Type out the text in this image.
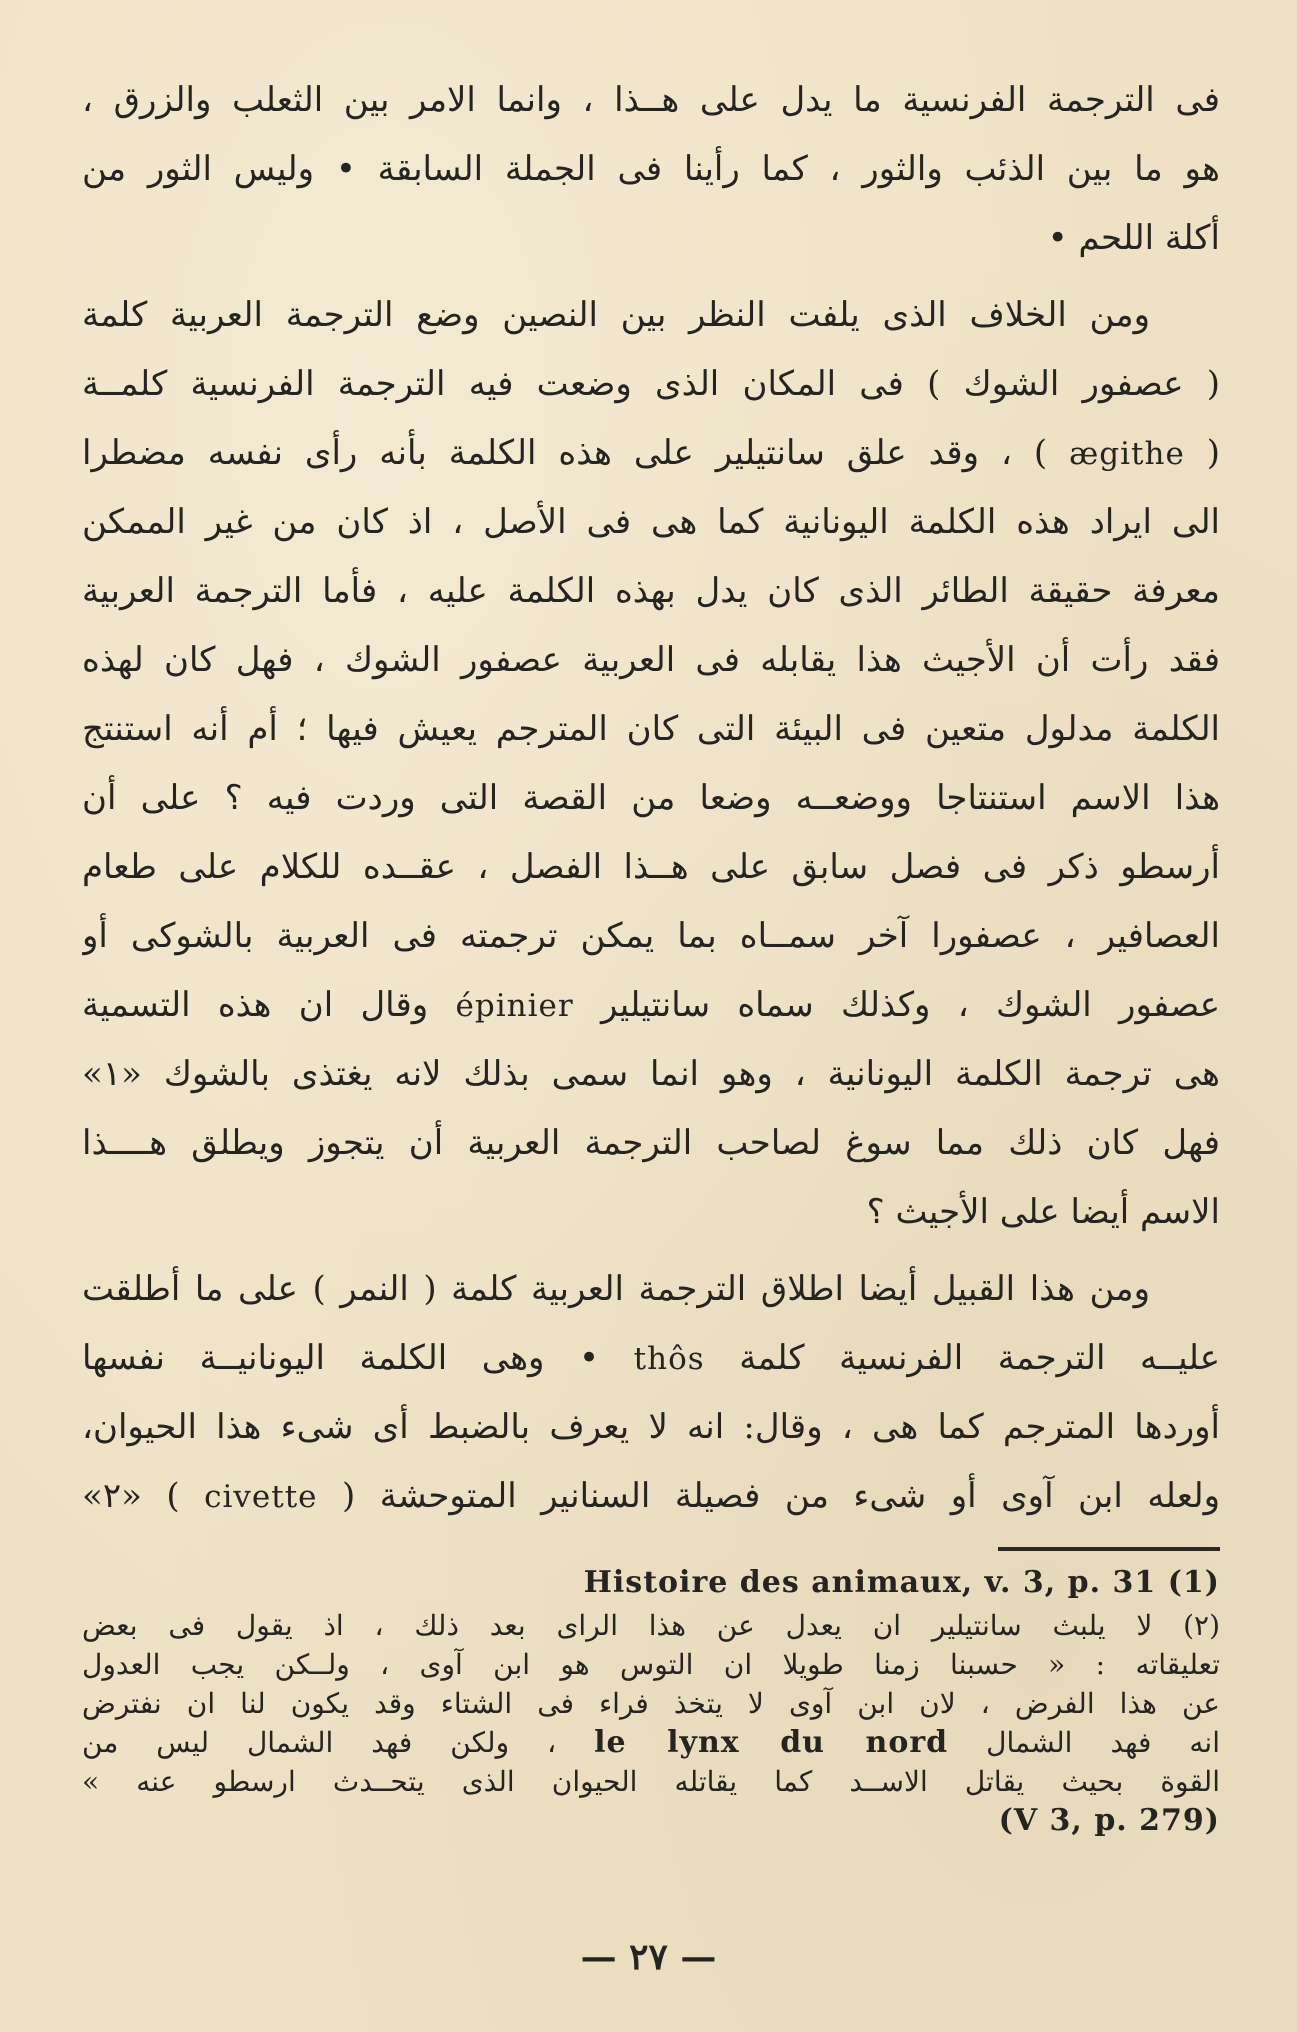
فى الترجمة الفرنسية ما يدل على هــذا ، وانما الامر بين الثعلب والزرق ،
هو ما بين الذئب والثور ، كما رأينا فى الجملة السابقة • وليس الثور من
أكلة اللحم •
ومن الخلاف الذى يلفت النظر بين النصين وضع الترجمة العربية كلمة
( عصفور الشوك ) فى المكان الذى وضعت فيه الترجمة الفرنسية كلمــة
( ægithe ) ، وقد علق سانتيلير على هذه الكلمة بأنه رأى نفسه مضطرا
الى ايراد هذه الكلمة اليونانية كما هى فى الأصل ، اذ كان من غير الممكن
معرفة حقيقة الطائر الذى كان يدل بهذه الكلمة عليه ، فأما الترجمة العربية
فقد رأت أن الأجيث هذا يقابله فى العربية عصفور الشوك ، فهل كان لهذه
الكلمة مدلول متعين فى البيئة التى كان المترجم يعيش فيها ؛ أم أنه استنتج
هذا الاسم استنتاجا ووضعــه وضعا من القصة التى وردت فيه ؟ على أن
أرسطو ذكر فى فصل سابق على هــذا الفصل ، عقــده للكلام على طعام
العصافير ، عصفورا آخر سمــاه بما يمكن ترجمته فى العربية بالشوكى أو
عصفور الشوك ، وكذلك سماه سانتيلير épinier وقال ان هذه التسمية
هى ترجمة الكلمة اليونانية ، وهو انما سمى بذلك لانه يغتذى بالشوك «١»
فهل كان ذلك مما سوغ لصاحب الترجمة العربية أن يتجوز ويطلق هــــذا
الاسم أيضا على الأجيث ؟
ومن هذا القبيل أيضا اطلاق الترجمة العربية كلمة ( النمر ) على ما أطلقت
عليــه الترجمة الفرنسية كلمة thôs • وهى الكلمة اليونانيــة نفسها
أوردها المترجم كما هى ، وقال: انه لا يعرف بالضبط أى شىء هذا الحيوان،
ولعله ابن آوى أو شىء من فصيلة السنانير المتوحشة ( civette ) «٢»
Histoire des animaux, v. 3, p. 31 (1)
(٢) لا يلبث سانتيلير ان يعدل عن هذا الراى بعد ذلك ، اذ يقول فى بعض
تعليقاته : « حسبنا زمنا طويلا ان التوس هو ابن آوى ، ولــكن يجب العدول
عن هذا الفرض ، لان ابن آوى لا يتخذ فراء فى الشتاء وقد يكون لنا ان نفترض
انه فهد الشمال le lynx du nord ، ولكن فهد الشمال ليس من
القوة بحيث يقاتل الاســد كما يقاتله الحيوان الذى يتحــدث ارسطو عنه »
(V 3, p. 279)
— ٢٧ —
